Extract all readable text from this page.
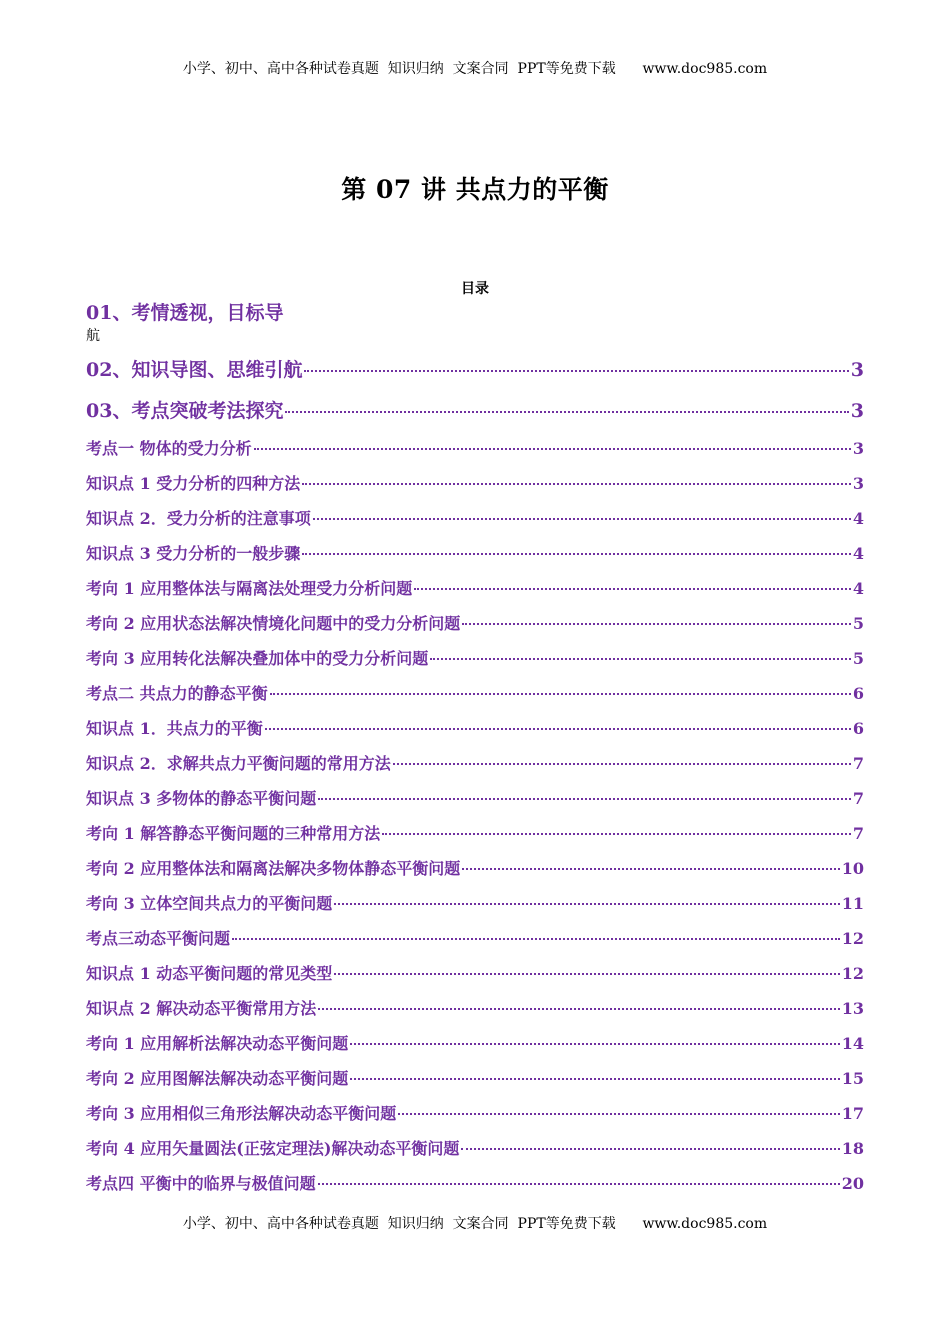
小学、初中、高中各种试卷真题  知识归纳  文案合同  PPT等免费下载      www.doc985.com
第 07 讲 共点力的平衡
目录
01、考情透视，目标导
航
02、知识导图、思维引航	3
03、考点突破考法探究	3
考点一 物体的受力分析	3
知识点 1 受力分析的四种方法	3
知识点 2．受力分析的注意事项	4
知识点 3 受力分析的一般步骤	4
考向 1 应用整体法与隔离法处理受力分析问题	4
考向 2 应用状态法解决情境化问题中的受力分析问题	5
考向 3 应用转化法解决叠加体中的受力分析问题	5
考点二 共点力的静态平衡	6
知识点 1．共点力的平衡	6
知识点 2．求解共点力平衡问题的常用方法	7
知识点 3 多物体的静态平衡问题	7
考向 1 解答静态平衡问题的三种常用方法	7
考向 2 应用整体法和隔离法解决多物体静态平衡问题	10
考向 3 立体空间共点力的平衡问题	11
考点三动态平衡问题	12
知识点 1 动态平衡问题的常见类型	12
知识点 2 解决动态平衡常用方法	13
考向 1 应用解析法解决动态平衡问题	14
考向 2 应用图解法解决动态平衡问题	15
考向 3 应用相似三角形法解决动态平衡问题	17
考向 4 应用矢量圆法(正弦定理法)解决动态平衡问题	18
考点四 平衡中的临界与极值问题	20
小学、初中、高中各种试卷真题  知识归纳  文案合同  PPT等免费下载      www.doc985.com
